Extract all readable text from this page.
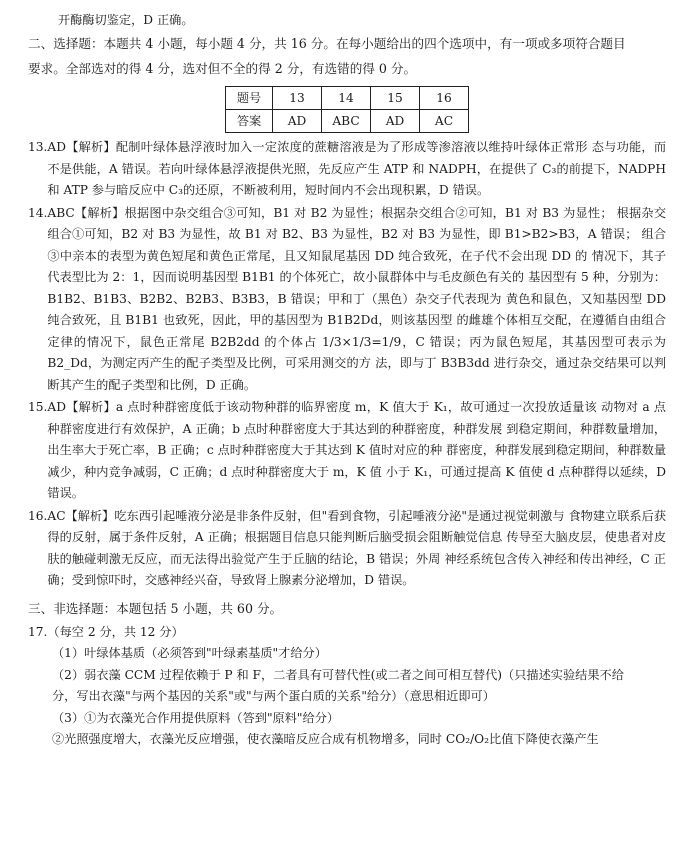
开酶酶切鉴定，D 正确。
二、选择题：本题共 4 小题，每小题 4 分，共 16 分。在每小题给出的四个选项中，有一项或多项符合题目
要求。全部选对的得 4 分，选对但不全的得 2 分，有选错的得 0 分。
题号	13	14	15	16
答案	AD	ABC	AD	AC
13. AD【解析】配制叶绿体悬浮液时加入一定浓度的蔗糖溶液是为了形成等渗溶液以维持叶绿体正常形 态与功能，而不是供能，A 错误。若向叶绿体悬浮液提供光照，先反应产生 ATP 和 NADPH，在提供了 C₃的前提下，NADPH 和 ATP 参与暗反应中 C₃的还原，不断被利用，短时间内不会出现积累，D 错误。
14. ABC【解析】根据图中杂交组合③可知，B1 对 B2 为显性；根据杂交组合②可知，B1 对 B3 为显性； 根据杂交组合①可知，B2 对 B3 为显性，故 B1 对 B2、B3 为显性，B2 对 B3 为显性，即 B1>B2>B3，A 错误； 组合③中亲本的表型为黄色短尾和黄色正常尾，且又知鼠尾基因 DD 纯合致死，在子代不会出现 DD 的 情况下，其子代表型比为 2：1，因而说明基因型 B1B1 的个体死亡，故小鼠群体中与毛皮颜色有关的 基因型有 5 种，分别为：B1B2、B1B3、B2B2、B2B3、B3B3，B 错误；甲和丁（黑色）杂交子代表现为 黄色和鼠色，又知基因型 DD 纯合致死，且 B1B1 也致死，因此，甲的基因型为 B1B2Dd，则该基因型 的雌雄个体相互交配，在遵循自由组合定律的情况下，鼠色正常尾 B2B2dd 的个体占 1/3×1/3=1/9，C 错误；丙为鼠色短尾，其基因型可表示为 B2_Dd，为测定丙产生的配子类型及比例，可采用测交的方 法，即与丁 B3B3dd 进行杂交，通过杂交结果可以判断其产生的配子类型和比例，D 正确。
15. AD【解析】a 点时种群密度低于该动物种群的临界密度 m，K 值大于 K₁，故可通过一次投放适量该 动物对 a 点种群密度进行有效保护，A 正确；b 点时种群密度大于其达到的种群密度，种群发展 到稳定期间，种群数量增加，出生率大于死亡率，B 正确；c 点时种群密度大于其达到 K 值时对应的种 群密度，种群发展到稳定期间，种群数量减少，种内竞争减弱，C 正确；d 点时种群密度大于 m，K 值 小于 K₁，可通过提高 K 值使 d 点种群得以延续，D 错误。
16. AC【解析】吃东西引起唾液分泌是非条件反射，但"看到食物，引起唾液分泌"是通过视觉刺激与 食物建立联系后获得的反射，属于条件反射，A 正确；根据题目信息只能判断后脑受损会阻断触觉信息 传导至大脑皮层，使患者对皮肤的触碰刺激无反应，而无法得出验觉产生于丘脑的结论，B 错误；外周 神经系统包含传入神经和传出神经，C 正确；受到惊吓时，交感神经兴奋，导致肾上腺素分泌增加，D 错误。
三、非选择题：本题包括 5 小题，共 60 分。
17.（每空 2 分，共 12 分）
（1）叶绿体基质（必须答到"叶绿素基质"才给分）
（2）弱衣藻 CCM 过程依赖于 P 和 F，二者具有可替代性(或二者之间可相互替代)（只描述实验结果不给
分，写出衣藻"与两个基因的关系"或"与两个蛋白质的关系"给分）（意思相近即可）
（3）①为衣藻光合作用提供原料（答到"原料"给分）
②光照强度增大，衣藻光反应增强，使衣藻暗反应合成有机物增多，同时 CO₂/O₂比值下降使衣藻产生
